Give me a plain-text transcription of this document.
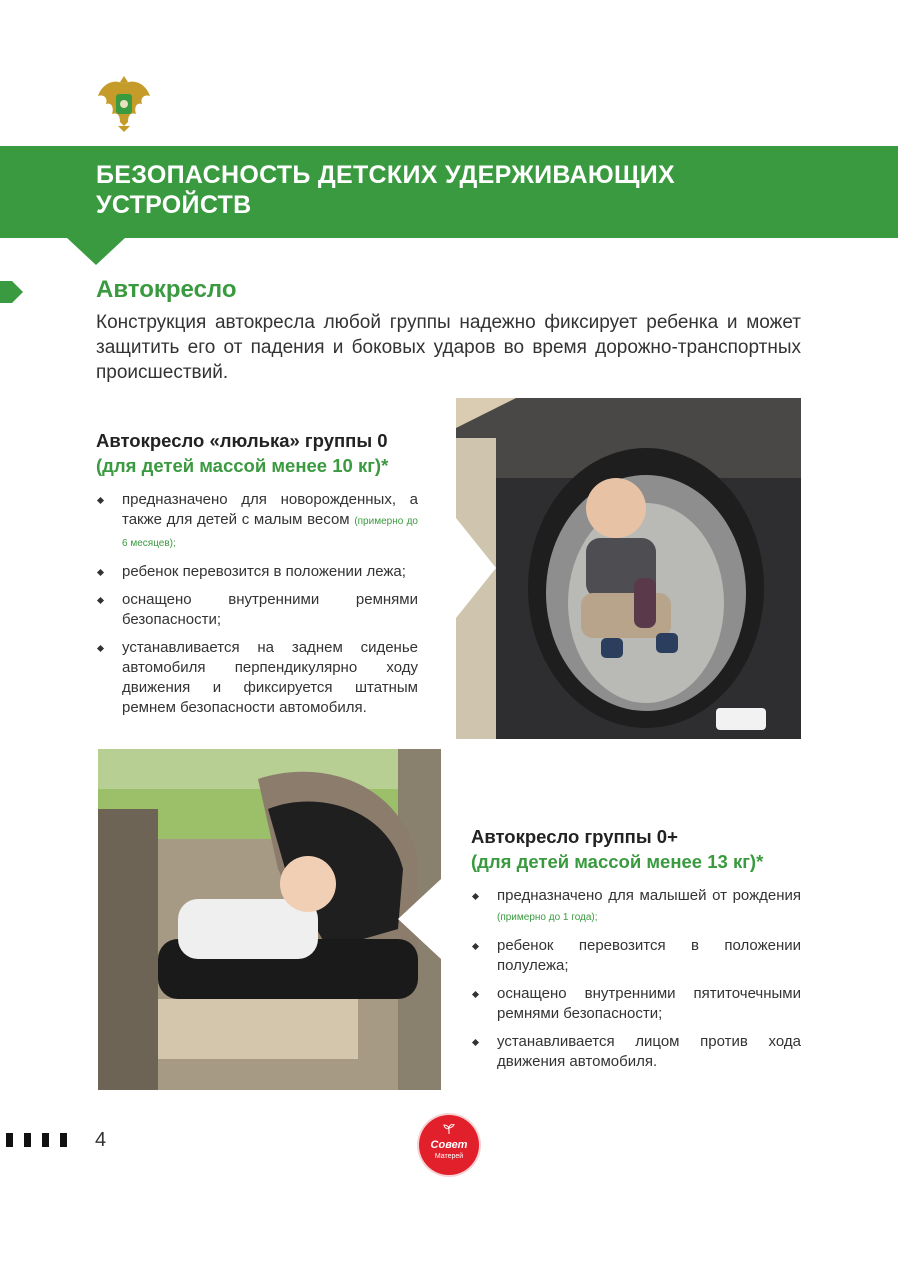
БЕЗОПАСНОСТЬ ДЕТСКИХ УДЕРЖИВАЮЩИХ УСТРОЙСТВ
Автокресло

Конструкция автокресла любой группы надежно фиксирует ребенка и может защитить его от падения и боковых ударов во время дорожно-транспортных происшествий.

Автокресло «люлька» группы 0

(для детей массой менее 10 кг)*

предназначено для новорожденных, а также для детей с малым весом (примерно до 6 месяцев);
ребенок перевозится в положении лежа;
оснащено внутренними ремнями безопасности;
устанавливается на заднем сиденье автомобиля перпендикулярно ходу движения и фиксируется штатным ремнем безопасности автомобиля.

Автокресло группы 0+

(для детей массой менее 13 кг)*

предназначено для малышей от рождения (примерно до 1 года);
ребенок перевозится в положении полулежа;
оснащено внутренними пятиточечными ремнями безопасности;
устанавливается лицом против хода движения автомобиля.
4	Совет
Матерей
